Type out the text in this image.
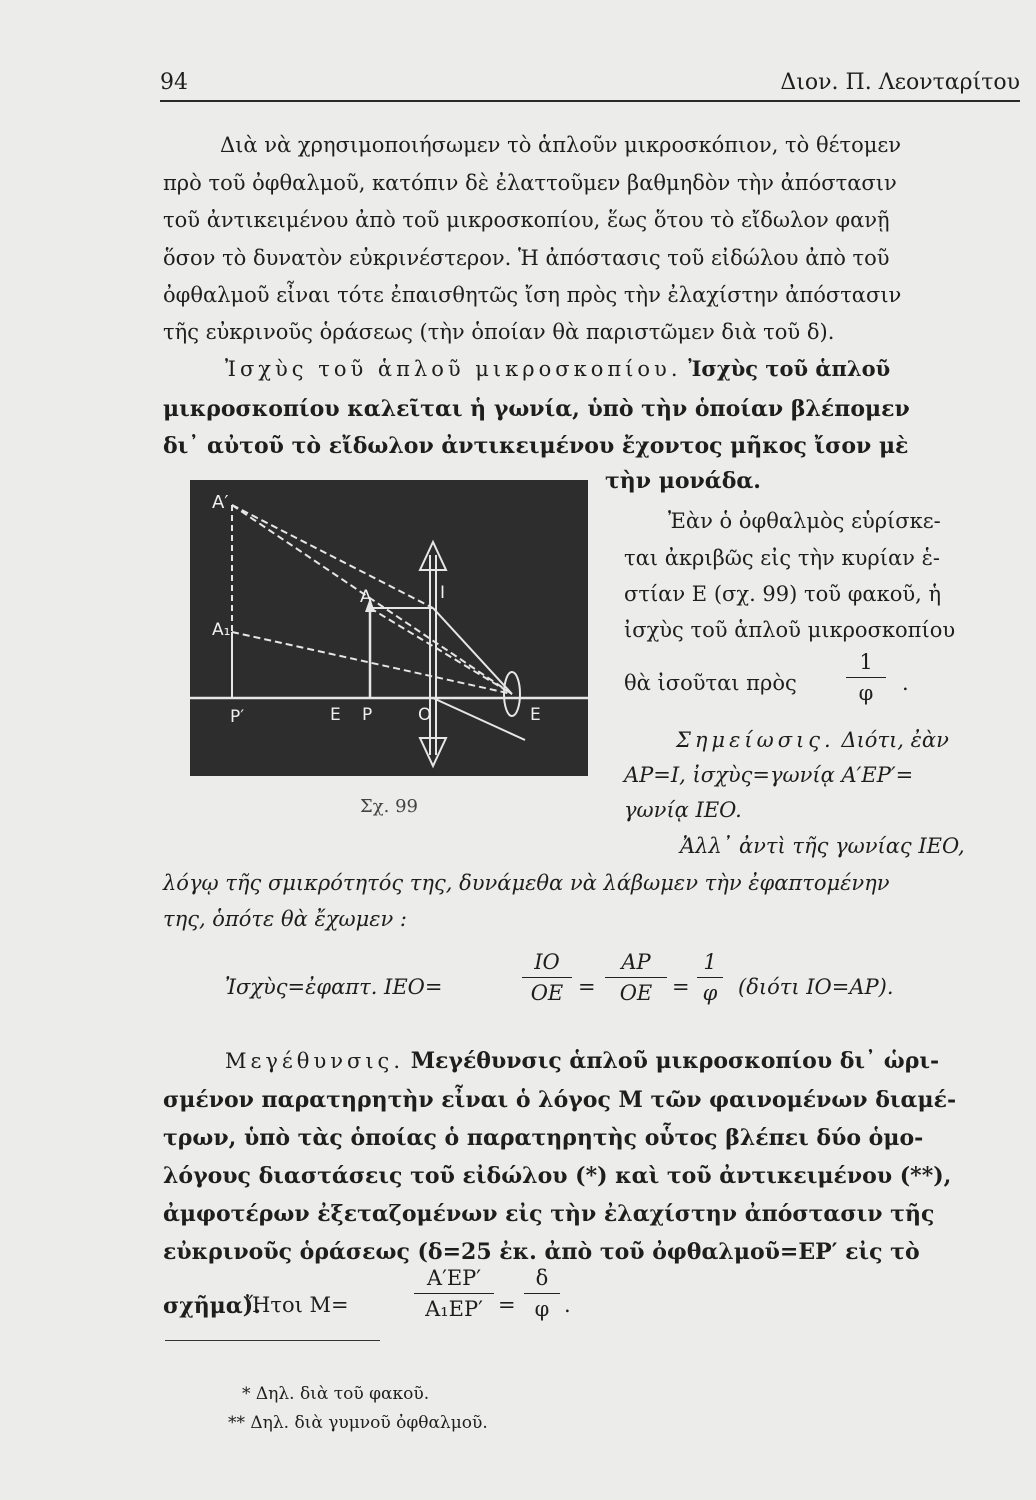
94	Διον. Π. Λεονταρίτου
Διὰ νὰ χρησιμοποιήσωμεν τὸ ἁπλοῦν μικροσκόπιον, τὸ θέτομεν
πρὸ τοῦ ὀφθαλμοῦ, κατόπιν δὲ ἐλαττοῦμεν βαθμηδὸν τὴν ἀπόστασιν
τοῦ ἀντικειμένου ἀπὸ τοῦ μικροσκοπίου, ἕως ὅτου τὸ εἴδωλον φανῇ
ὅσον τὸ δυνατὸν εὐκρινέστερον. Ἡ ἀπόστασις τοῦ εἰδώλου ἀπὸ τοῦ
ὀφθαλμοῦ εἶναι τότε ἐπαισθητῶς ἴση πρὸς τὴν ἐλαχίστην ἀπόστασιν
τῆς εὐκρινοῦς ὁράσεως (τὴν ὁποίαν θὰ παριστῶμεν διὰ τοῦ δ).
Ἰσχὺς τοῦ ἁπλοῦ μικροσκοπίου. Ἰσχὺς τοῦ ἁπλοῦ
μικροσκοπίου καλεῖται ἡ γωνία, ὑπὸ τὴν ὁποίαν βλέπομεν
δι᾿ αὐτοῦ τὸ εἴδωλον ἀντικειμένου ἔχοντος μῆκος ἴσον μὲ
τὴν μονάδα.
A′
A₁
A	I
P′	E P	O	E
Σχ. 99
Ἐὰν ὁ ὀφθαλμὸς εὑρίσκε-
ται ἀκριβῶς εἰς τὴν κυρίαν ἑ-
στίαν Ε (σχ. 99) τοῦ φακοῦ, ἡ
ἰσχὺς τοῦ ἁπλοῦ μικροσκοπίου
θὰ ἰσοῦται πρὸς
1
φ	.
Σημείωσις. Διότι, ἐὰν
AP=I, ἰσχὺς=γωνίᾳ A′EP′=
γωνίᾳ IEO.
Ἀλλ᾿ ἀντὶ τῆς γωνίας IEO,
λόγῳ τῆς σμικρότητός της, δυνάμεθα νὰ λάβωμεν τὴν ἐφαπτομένην
της, ὁπότε θὰ ἔχωμεν :
Ἰσχὺς=ἐφαπτ. IEO=
IO
OE =
AP
OE =
1
φ (διότι IO=AP).
Μεγέθυνσις. Μεγέθυνσις ἁπλοῦ μικροσκοπίου δι᾿ ὡρι-
σμένον παρατηρητὴν εἶναι ὁ λόγος Μ τῶν φαινομένων διαμέ-
τρων, ὑπὸ τὰς ὁποίας ὁ παρατηρητὴς οὗτος βλέπει δύο ὁμο-
λόγους διαστάσεις τοῦ εἰδώλου (*) καὶ τοῦ ἀντικειμένου (**),
ἀμφοτέρων ἐξεταζομένων εἰς τὴν ἐλαχίστην ἀπόστασιν τῆς
εὐκρινοῦς ὁράσεως (δ=25 ἐκ. ἀπὸ τοῦ ὀφθαλμοῦ=ΕΡ′ εἰς τὸ
σχῆμα).
Ἤτοι M=
A′EP′
A₁EP′ =
δ
φ .
* Δηλ. διὰ τοῦ φακοῦ.
** Δηλ. διὰ γυμνοῦ ὀφθαλμοῦ.
